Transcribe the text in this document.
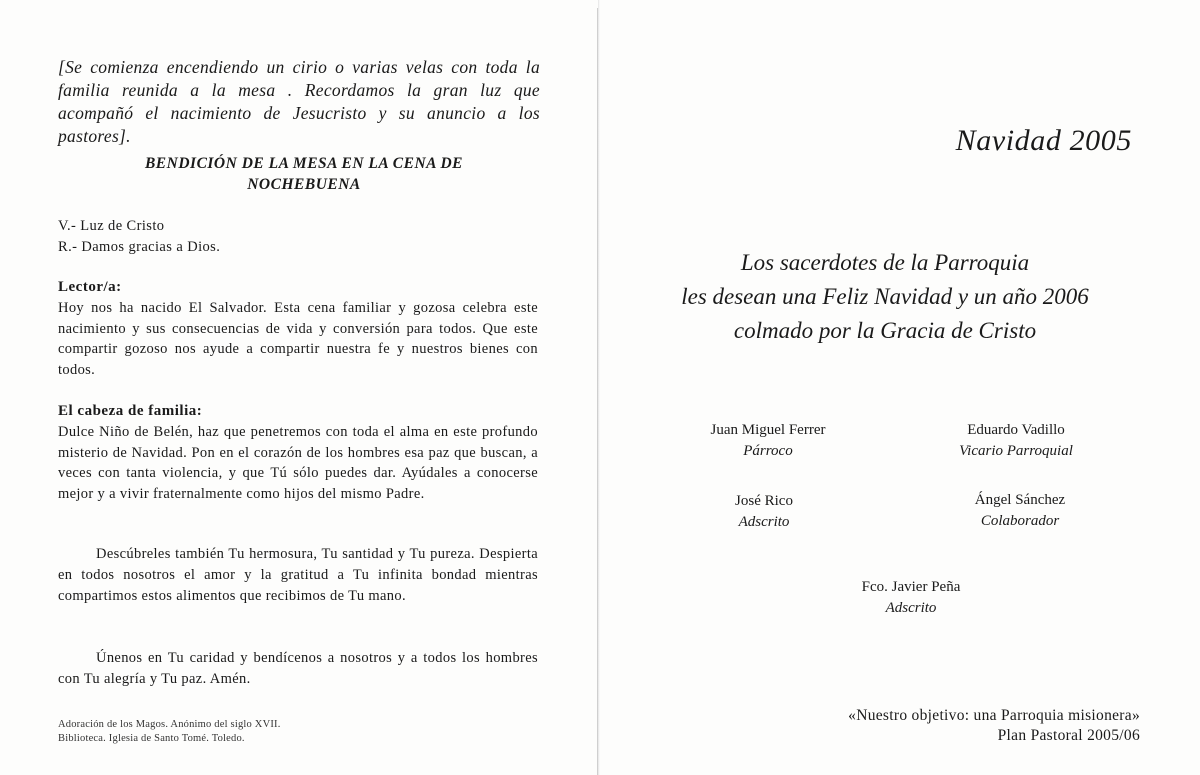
[Se comienza encendiendo un cirio o varias velas con toda la familia reunida a la mesa . Recordamos la gran luz que acompañó el nacimiento de Jesucristo y su anuncio a los pastores].
BENDICIÓN DE LA MESA EN LA CENA DE
NOCHEBUENA
V.- Luz de Cristo
R.- Damos gracias a Dios.
Lector/a:
Hoy nos ha nacido El Salvador. Esta cena familiar y gozosa celebra este nacimiento y sus consecuencias de vida y conversión para todos. Que este compartir gozoso nos ayude a compartir nuestra fe y nuestros bienes con todos.
El cabeza de familia:
Dulce Niño de Belén, haz que penetremos con toda el alma en este profundo misterio de Navidad. Pon en el corazón de los hombres esa paz que buscan, a veces con tanta violencia, y que Tú sólo puedes dar. Ayúdales a conocerse mejor y a vivir fraternalmente como hijos del mismo Padre.
Descúbreles también Tu hermosura, Tu santidad y Tu pureza. Despierta en todos nosotros el amor y la gratitud a Tu infinita bondad mientras compartimos estos alimentos que recibimos de Tu mano.
Únenos en Tu caridad y bendícenos a nosotros y a todos los hombres con Tu alegría y Tu paz. Amén.
Adoración de los Magos. Anónimo del siglo XVII.
Biblioteca. Iglesia de Santo Tomé. Toledo.
Navidad 2005
Los sacerdotes de la Parroquia
les desean una Feliz Navidad y un año 2006
colmado por la Gracia de Cristo
Juan Miguel Ferrer
Párroco
Eduardo Vadillo
Vicario Parroquial
José Rico
Adscrito
Ángel Sánchez
Colaborador
Fco. Javier Peña
Adscrito
«Nuestro objetivo: una Parroquia misionera»
Plan Pastoral 2005/06
